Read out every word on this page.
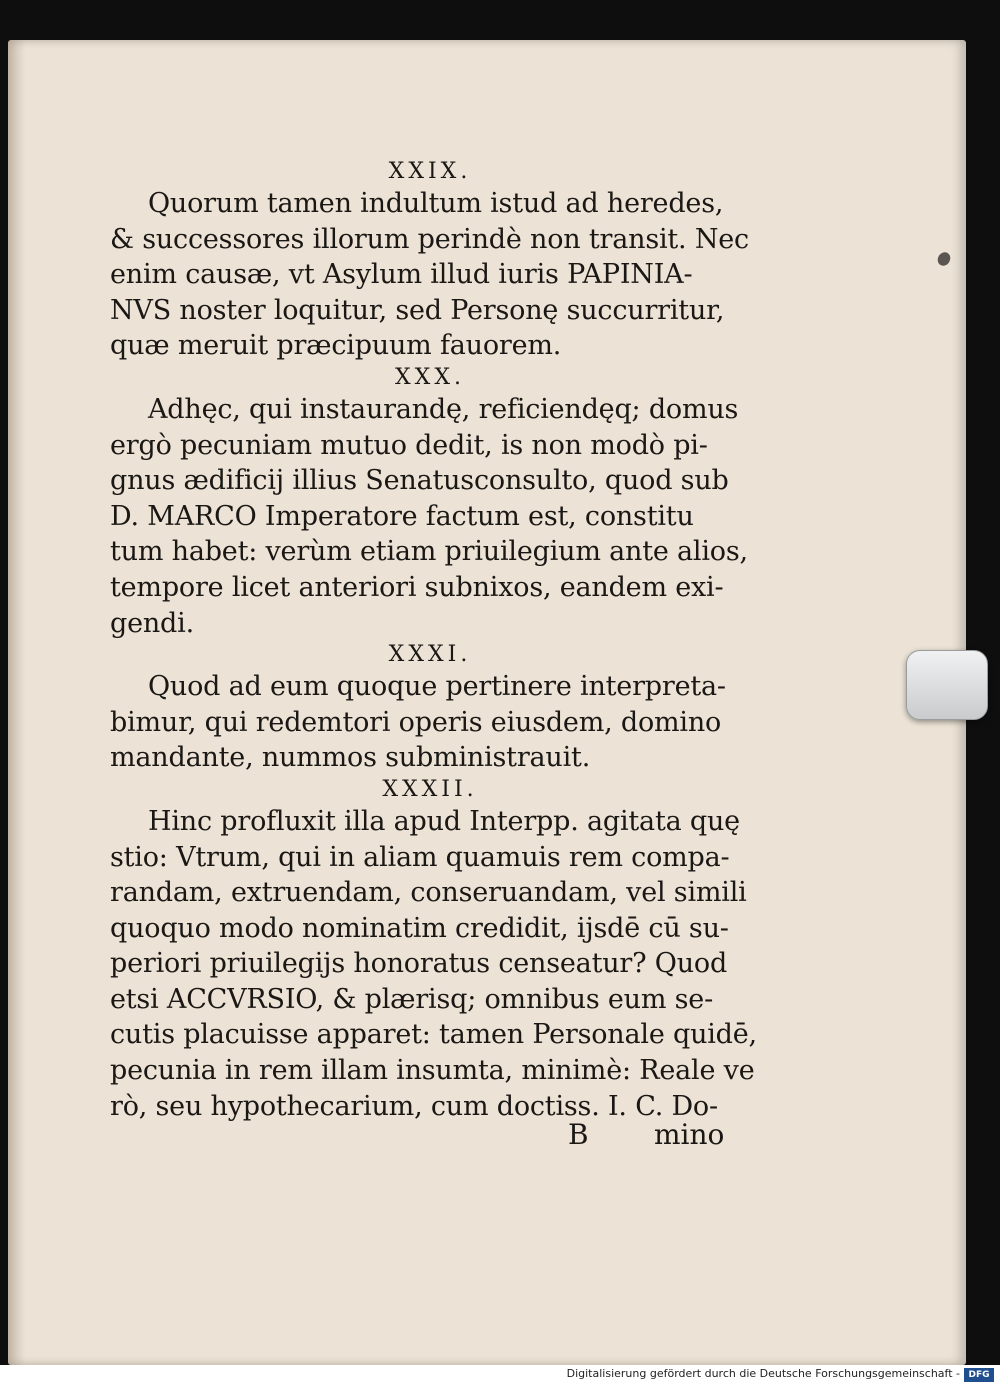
XXIX.

Quorum tamen indultum istud ad heredes,
& successores illorum perindè non transit. Nec
enim causæ, vt Asylum illud iuris PAPINIA-
NVS noster loquitur, sed Personę succurritur,
quæ meruit præcipuum fauorem.

XXX.

Adhęc, qui instaurandę, reficiendęq; domus
ergò pecuniam mutuo dedit, is non modò pi-
gnus ædificij illius Senatusconsulto, quod sub
D. MARCO Imperatore factum est, constitu
tum habet: verùm etiam priuilegium ante alios,
tempore licet anteriori subnixos, eandem exi-
gendi.

XXXI.

Quod ad eum quoque pertinere interpreta-
bimur, qui redemtori operis eiusdem, domino
mandante, nummos subministrauit.

XXXII.

Hinc profluxit illa apud Interpp. agitata quę
stio: Vtrum, qui in aliam quamuis rem compa-
randam, extruendam, conseruandam, vel simili
quoquo modo nominatim credidit, ijsdē cū su-
periori priuilegijs honoratus censeatur? Quod
etsi ACCVRSIO, & plærisq; omnibus eum se-
cutis placuisse apparet: tamen Personale quidē,
pecunia in rem illam insumta, minimè: Reale ve
rò, seu hypothecarium, cum doctiss. I. C. Do-
B mino
Digitalisierung gefördert durch die Deutsche Forschungsgemeinschaft - DFG
